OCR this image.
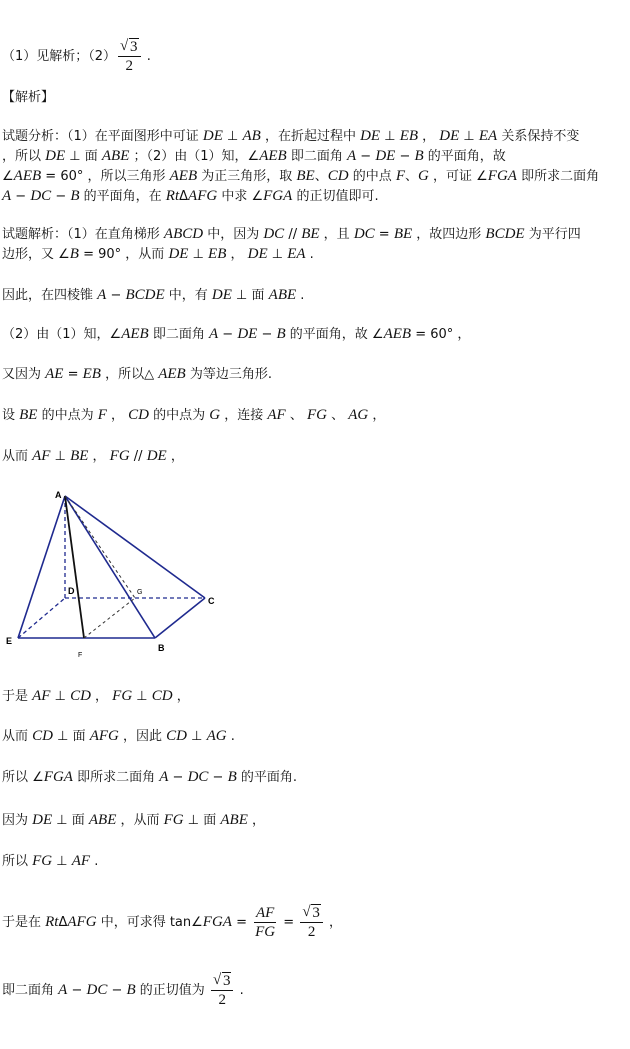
（1）见解析；（2） √ $\frac{3}{2}$ .
【解析】
试题分析：（1）在平面图形中可证 DE ⊥ AB ，在折起过程中 DE ⊥ EB ， DE ⊥ EA 关系保持不变
，所以 DE ⊥ 面 ABE ；（2）由（1）知，∠AEB 即二面角 A − DE − B 的平面角，故
∠AEB = 60° ，所以三角形 AEB 为正三角形，取 BE、CD 的中点 F、G ，可证 ∠FGA 即所求二面角
A − DC − B 的平面角，在 RtΔAFG 中求 ∠FGA 的正切值即可.
试题解析：（1）在直角梯形 ABCD 中，因为 DC // BE ，且 DC = BE ，故四边形 BCDE 为平行四
边形，又 ∠B = 90° ，从而 DE ⊥ EB ， DE ⊥ EA .
因此，在四棱锥 A − BCDE 中，有 DE ⊥ 面 ABE .
（2）由（1）知，∠AEB 即二面角 A − DE − B 的平面角，故 ∠AEB = 60° ，
又因为 AE = EB ，所以△ AEB 为等边三角形.
设 BE 的中点为 F ， CD 的中点为 G ，连接 AF 、 FG 、 AG ，
从而 AF ⊥ BE ， FG // DE ，
A
B
C
D
E
F
G
于是 AF ⊥ CD ， FG ⊥ CD ，
从而 CD ⊥ 面 AFG ，因此 CD ⊥ AG .
所以 ∠FGA 即所求二面角 A − DC − B 的平面角.
因为 DE ⊥ 面 ABE ，从而 FG ⊥ 面 ABE ，
所以 FG ⊥ AF .
于是在 RtΔAFG 中，可求得 tan∠FGA = $\frac{AF}{FG}$ = √ $\frac{3}{2}$ ，
即二面角 A − DC − B 的正切值为 √ $\frac{3}{2}$ .
